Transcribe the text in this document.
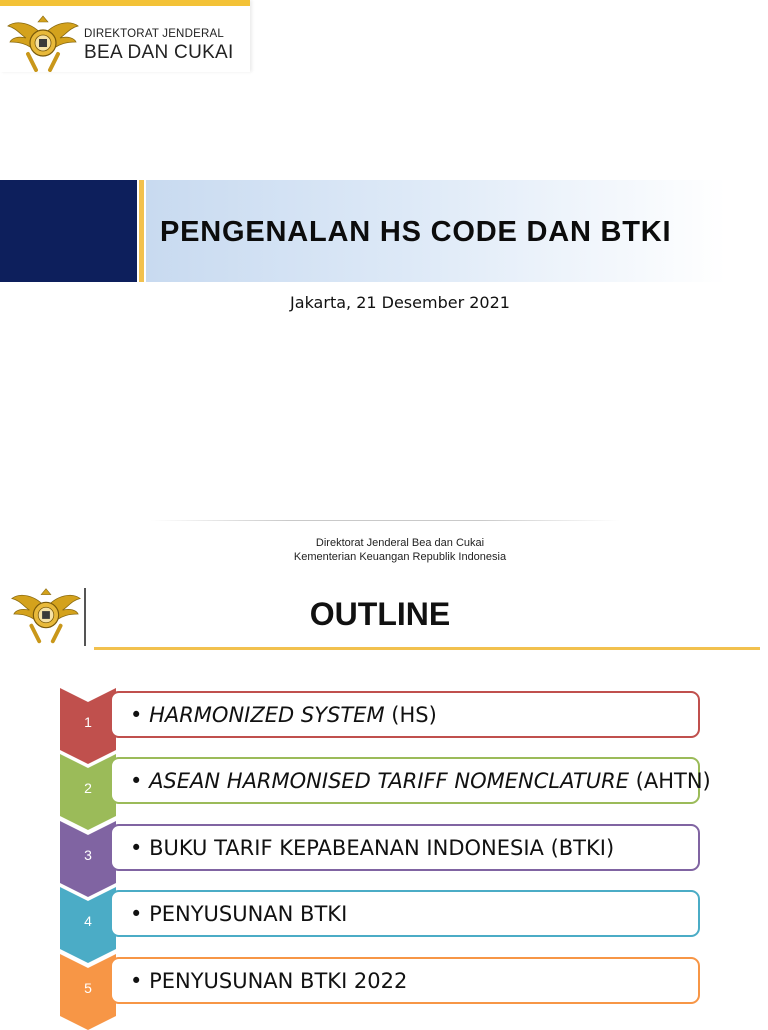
DIREKTORAT JENDERAL
BEA DAN CUKAI
PENGENALAN HS CODE DAN BTKI
Jakarta, 21 Desember 2021
Direktorat Jenderal Bea dan Cukai
Kementerian Keuangan Republik Indonesia
OUTLINE
1	• HARMONIZED SYSTEM (HS)
2	• ASEAN HARMONISED TARIFF NOMENCLATURE (AHTN)
3	• BUKU TARIF KEPABEANAN INDONESIA (BTKI)
4	• PENYUSUNAN BTKI
5	• PENYUSUNAN BTKI 2022
